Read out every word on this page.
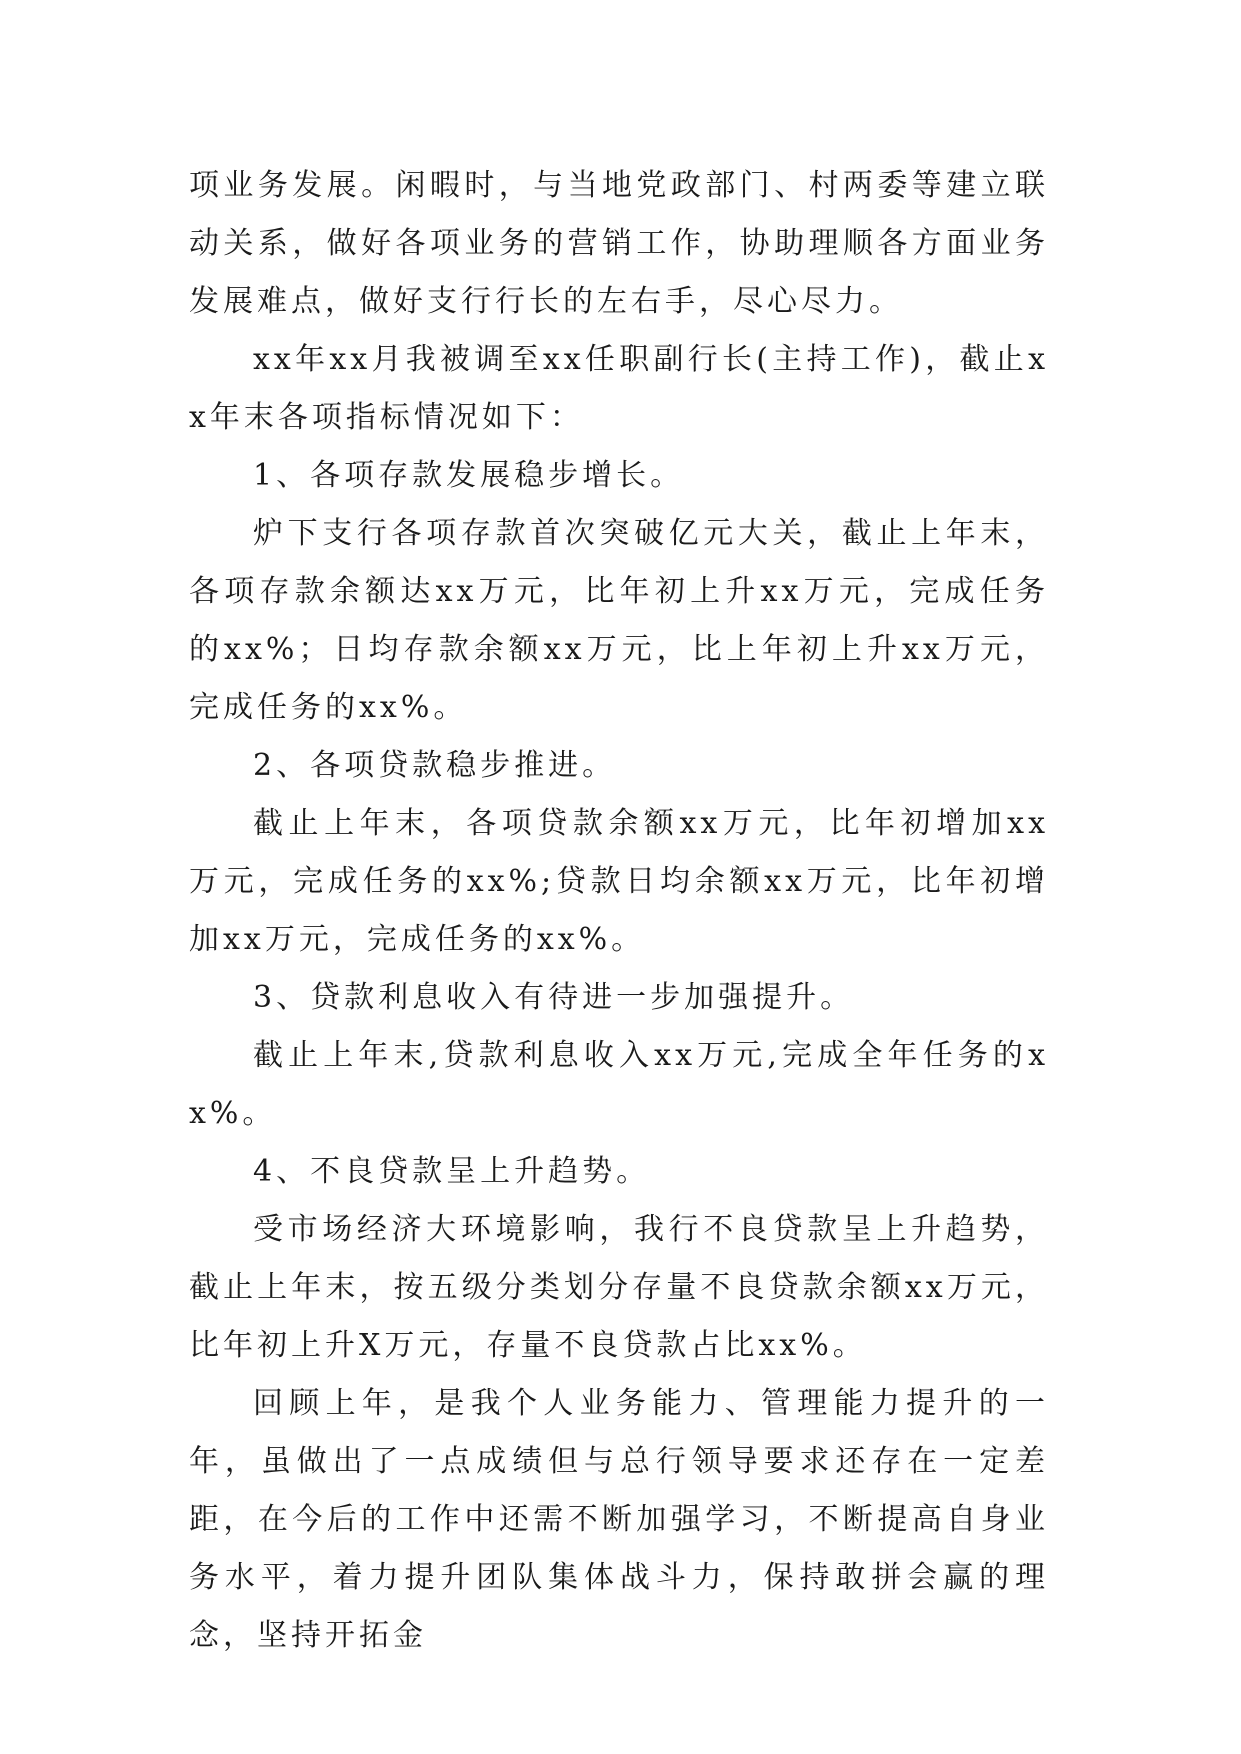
项业务发展。闲暇时，与当地党政部门、村两委等建立联动关系，做好各项业务的营销工作，协助理顺各方面业务发展难点，做好支行行长的左右手，尽心尽力。

xx年xx月我被调至xx任职副行长(主持工作)，截止xx年末各项指标情况如下：

1、各项存款发展稳步增长。

炉下支行各项存款首次突破亿元大关，截止上年末，各项存款余额达xx万元，比年初上升xx万元，完成任务的xx%；日均存款余额xx万元，比上年初上升xx万元，完成任务的xx%。

2、各项贷款稳步推进。

截止上年末，各项贷款余额xx万元，比年初增加xx万元，完成任务的xx%;贷款日均余额xx万元，比年初增加xx万元，完成任务的xx%。

3、贷款利息收入有待进一步加强提升。

截止上年末,贷款利息收入xx万元,完成全年任务的xx%。

4、不良贷款呈上升趋势。

受市场经济大环境影响，我行不良贷款呈上升趋势，截止上年末，按五级分类划分存量不良贷款余额xx万元，比年初上升X万元，存量不良贷款占比xx%。

回顾上年，是我个人业务能力、管理能力提升的一年，虽做出了一点成绩但与总行领导要求还存在一定差距，在今后的工作中还需不断加强学习，不断提高自身业务水平，着力提升团队集体战斗力，保持敢拼会赢的理念，坚持开拓金
